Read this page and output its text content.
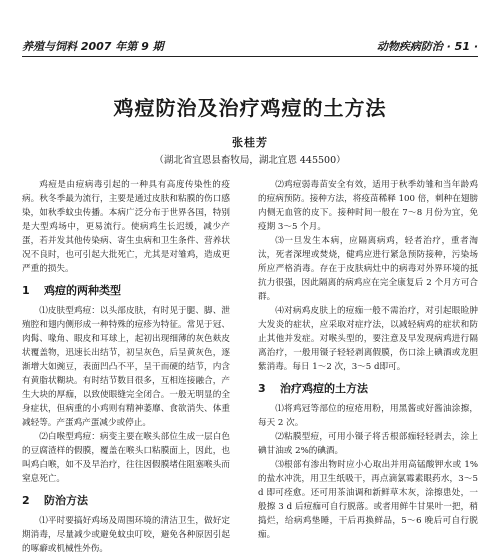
养殖与饲料 2007 年第 9 期	动物疾病防治 · 51 ·
鸡痘防治及治疗鸡痘的土方法
张桂芳
（湖北省宜恩县畜牧局，湖北宜恩 445500）

鸡痘是由痘病毒引起的一种具有高度传染性的疫病。秋冬季最为流行，主要是通过皮肤和粘膜的伤口感染，如秋季蚊虫传播。本病广泛分布于世界各国，特别是大型鸡场中，更易流行。使病鸡生长迟缓，减少产蛋，若并发其他传染病、寄生虫病和卫生条件、营养状况不良时，也可引起大批死亡，尤其是对雏鸡，造成更严重的损失。

1 鸡痘的两种类型

⑴皮肤型鸡痘：以头部皮肤，有时见于腿、脚、泄殖腔和翅内侧形成一种特殊的痘疹为特征。常见于冠、肉髯、喙角、眼皮和耳球上，起初出现细薄的灰色麸皮状覆盖物，迅速长出结节，初呈灰色，后呈黄灰色，逐渐增大如豌豆，表面凹凸不平，呈干而硬的结节，内含有黄脂状糊块。有时结节数目很多，互相连接融合，产生大块的厚痂，以致使眼缝完全闭合。一般无明显的全身症状，但病重的小鸡则有精神萎靡、食欲消失、体重减轻等。产蛋鸡产蛋减少或停止。

⑵白喉型鸡痘：病变主要在喉头部位生成一层白色的豆腐渣样的假膜，覆盖在喉头口粘膜面上，因此，也叫鸡白喉，如不及早治疗，往往因假膜堵住阻塞喉头而窒息死亡。

2 防治方法

⑴平时要搞好鸡场及周围环境的清洁卫生，做好定期消毒，尽量减少或避免蚊虫叮咬，避免各种原因引起的啄癖或机械性外伤。

⑵鸡痘弱毒苗安全有效，适用于秋季幼雏和当年龄鸡的痘病预防。接种方法，将疫苗稀释 100 倍，刺种在翅膀内侧无血管的皮下。接种时间一般在 7～8 月份为宜，免疫期 3～5 个月。

⑶一旦发生本病，应隔离病鸡，轻者治疗，重者淘汰，死者深埋或焚烧，健鸡应进行紧急预防接种，污染场所应严格消毒。存在于皮肤病灶中的病毒对外界环境的抵抗力很强，因此隔离的病鸡应在完全康复后 2 个月方可合群。

⑷对病鸡皮肤上的痘痂一般不需治疗，对引起眼睑肿大发炎的症状，应采取对症疗法，以减轻病鸡的症状和防止其他并发症。对喉头型的，要注意及早发现病鸡进行隔离治疗，一般用镊子轻轻剥离假膜，伤口涂上碘酒或龙胆紫消毒。每日 1～2 次，3～5 d即可。

3 治疗鸡痘的土方法

⑴将鸡冠等部位的痘疮用粉，用黑酱或好酱油涂擦，每天 2 次。

⑵粘膜型痘，可用小镊子将舌根部痂轻轻剥去，涂上碘甘油或 2%的碘酒。

⑶根部有渗出物时应小心取出并用高锰酸钾水或 1%的盐水冲洗，用卫生纸吸干，再点滴氯霉素眼药水，3～5 d 即可痊愈。还可用茶油调和新鲜草木灰，涂擦患处，一般擦 3 d 后痘痂可自行脱落。或者用鲜牛甘果叶一把，稍捣烂，给病鸡垫睡，干后再换鲜品，5～6 晚后可自行脱痂。
